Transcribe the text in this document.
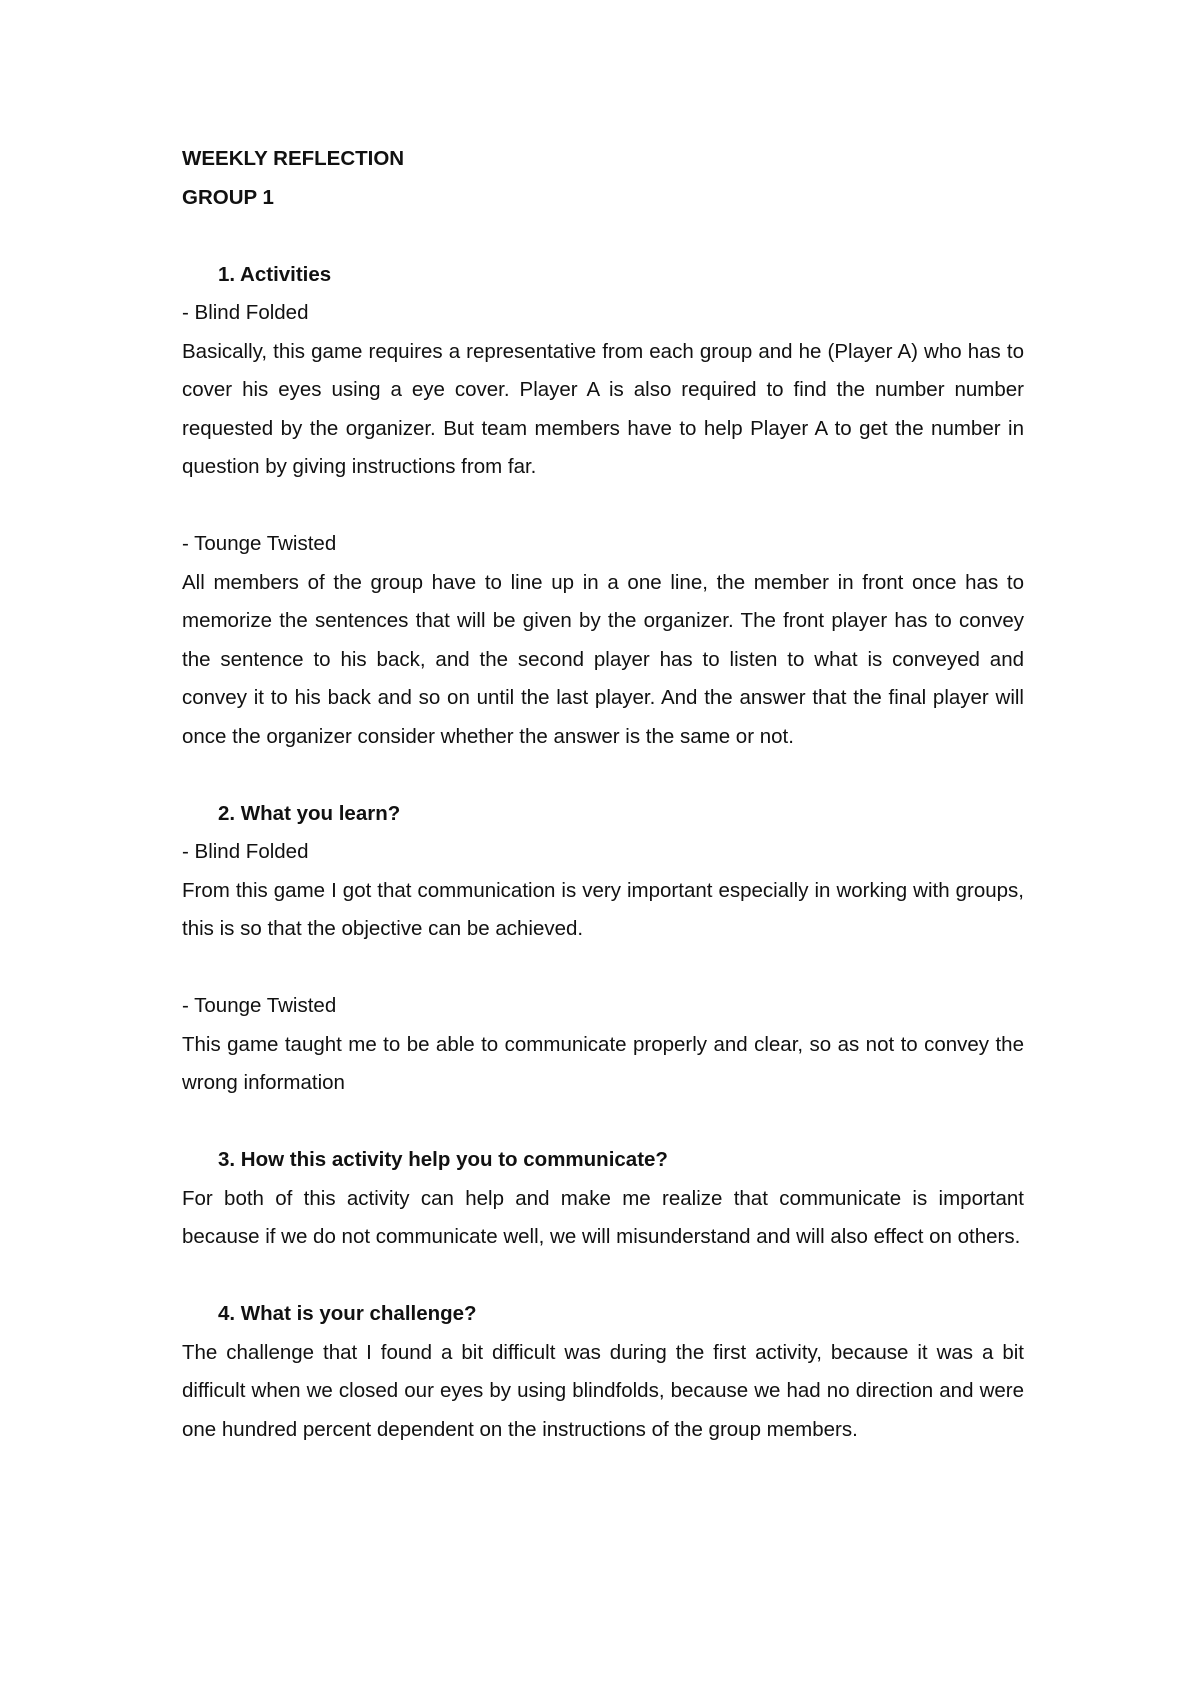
WEEKLY REFLECTION

GROUP 1

1. Activities

- Blind Folded

Basically, this game requires a representative from each group and he (Player A) who has to cover his eyes using a eye cover. Player A is also required to find the number number requested by the organizer. But team members have to help Player A to get the number in question by giving instructions from far.

- Tounge Twisted

All members of the group have to line up in a one line, the member in front once has to memorize the sentences that will be given by the organizer. The front player has to convey the sentence to his back, and the second player has to listen to what is conveyed and convey it to his back and so on until the last player. And the answer that the final player will once the organizer consider whether the answer is the same or not.

2. What you learn?

- Blind Folded

From this game I got that communication is very important especially in working with groups, this is so that the objective can be achieved.

- Tounge Twisted

This game taught me to be able to communicate properly and clear, so as not to convey the wrong information

3. How this activity help you to communicate?

For both of this activity can help and make me realize that communicate is important because if we do not communicate well, we will misunderstand and will also effect on others.

4. What is your challenge?

The challenge that I found a bit difficult was during the first activity, because it was a bit difficult when we closed our eyes by using blindfolds, because we had no direction and were one hundred percent dependent on the instructions of the group members.
